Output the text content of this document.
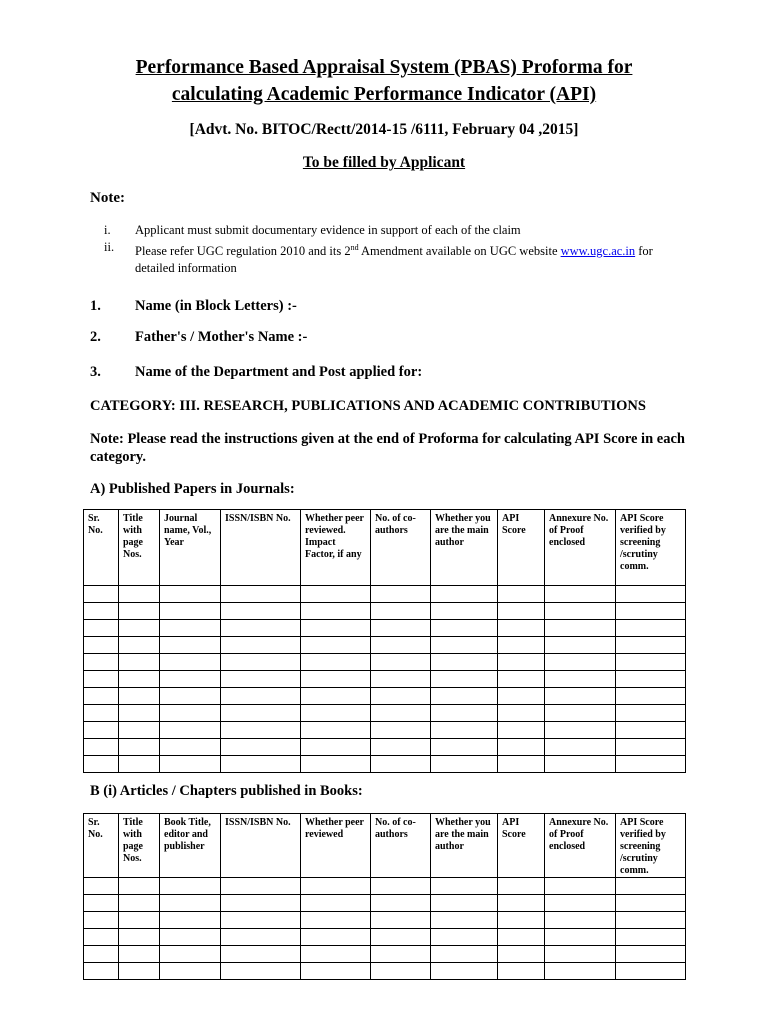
Performance Based Appraisal System (PBAS) Proforma for
calculating Academic Performance Indicator (API)
[Advt. No. BITOC/Rectt/2014-15 /6111, February 04 ,2015]
To be filled by Applicant
Note:
i. Applicant must submit documentary evidence in support of each of the claim
ii. Please refer UGC regulation 2010 and its 2nd Amendment available on UGC website www.ugc.ac.in for
detailed information
1. Name (in Block Letters) :-
2. Father's / Mother's Name :-
3. Name of the Department and Post applied for:
CATEGORY: III. RESEARCH, PUBLICATIONS AND ACADEMIC CONTRIBUTIONS
Note: Please read the instructions given at the end of Proforma for calculating API Score in each category.
A) Published Papers in Journals:
Sr. No.	Title with page Nos.	Journal name, Vol., Year	ISSN/ISBN No.	Whether peer reviewed. Impact Factor, if any	No. of co-authors	Whether you are the main author	API Score	Annexure No. of Proof enclosed	API Score verified by screening /scrutiny comm.

B (i) Articles / Chapters published in Books:
Sr. No.	Title with page Nos.	Book Title, editor and publisher	ISSN/ISBN No.	Whether peer reviewed	No. of co-authors	Whether you are the main author	API Score	Annexure No. of Proof enclosed	API Score verified by screening /scrutiny comm.
